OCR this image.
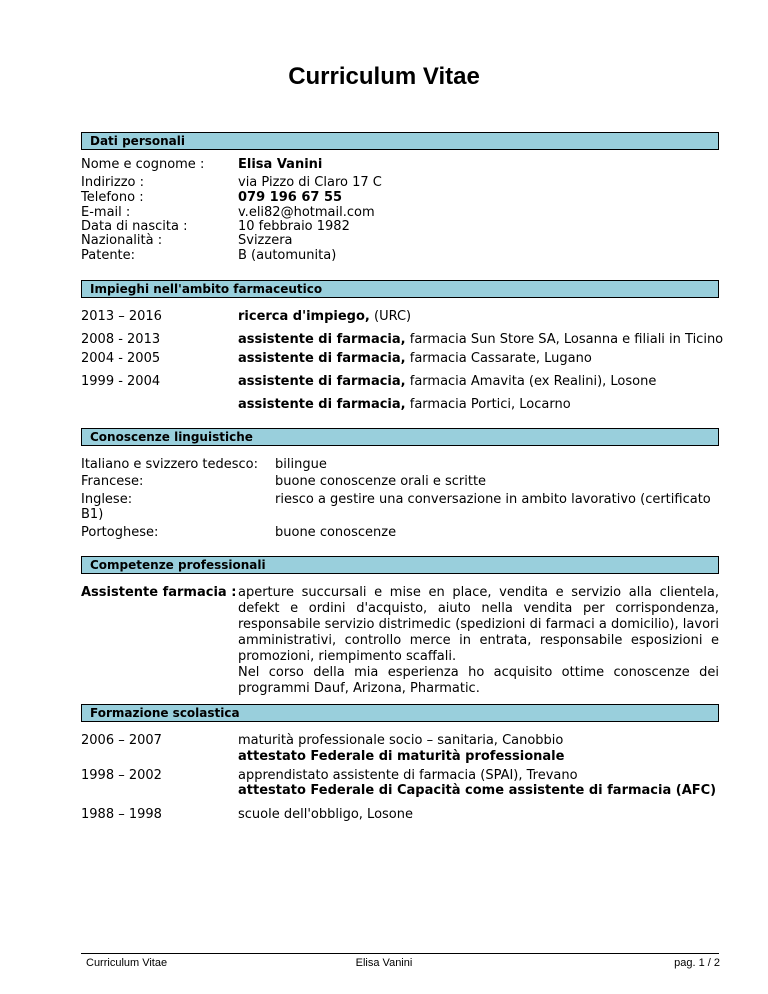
Curriculum Vitae
Dati personali
Nome e cognome :	Elisa Vanini
Indirizzo :	via Pizzo di Claro 17 C
Telefono :	079 196 67 55
E-mail :	v.eli82@hotmail.com
Data di nascita :	10 febbraio 1982
Nazionalità :	Svizzera
Patente:	B (automunita)
Impieghi nell'ambito farmaceutico
2013 – 2016	ricerca d'impiego, (URC)
2008 - 2013	assistente di farmacia, farmacia Sun Store SA, Losanna e filiali in Ticino
2004 - 2005	assistente di farmacia, farmacia Cassarate, Lugano
1999 - 2004	assistente di farmacia, farmacia Amavita (ex Realini), Losone
assistente di farmacia, farmacia Portici, Locarno
Conoscenze linguistiche
Italiano e svizzero tedesco: bilingue
Francese:	buone conoscenze orali e scritte
Inglese:	riesco a gestire una conversazione in ambito lavorativo (certificato
B1)
Portoghese:	buone conoscenze
Competenze professionali
Assistente farmacia : aperture succursali e mise en place, vendita e servizio alla clientela, defekt e ordini d'acquisto, aiuto nella vendita per corrispondenza, responsabile servizio distrimedic (spedizioni di farmaci a domicilio), lavori amministrativi, controllo merce in entrata, responsabile esposizioni e promozioni, riempimento scaffali.
Nel corso della mia esperienza ho acquisito ottime conoscenze dei programmi Dauf, Arizona, Pharmatic.
Formazione scolastica
2006 – 2007	maturità professionale socio – sanitaria, Canobbio
attestato Federale di maturità professionale
1998 – 2002	apprendistato assistente di farmacia (SPAI), Trevano
attestato Federale di Capacità come assistente di farmacia (AFC)
1988 – 1998	scuole dell'obbligo, Losone
Curriculum Vitae	Elisa Vanini	pag. 1 / 2
